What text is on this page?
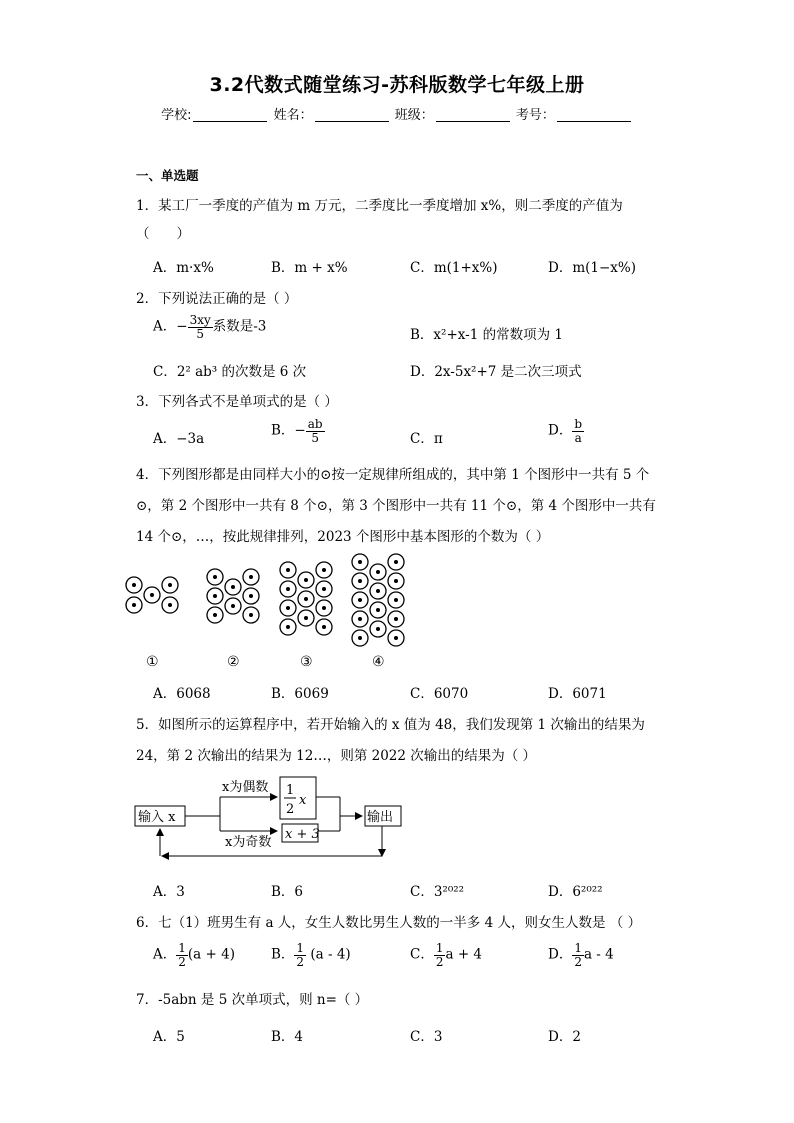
3.2代数式随堂练习-苏科版数学七年级上册
学校:	姓名：	班级：	考号：
一、单选题
1．某工厂一季度的产值为 m 万元，二季度比一季度增加 x%，则二季度的产值为
（　　）
A．m·x%	B．m + x%	C．m(1+x%)	D．m(1−x%)
2．下列说法正确的是（ ）
A．− $\frac{3xy}{5}$ 系数是-3
B．x²+x-1 的常数项为 1
C．2² ab³ 的次数是 6 次	D．2x-5x²+7 是二次三项式
3．下列各式不是单项式的是（ ）
A．−3a
B．− $\frac{ab}{5}$	C．π
D． $\frac{b}{a}$
4．下列图形都是由同样大小的⊙按一定规律所组成的，其中第 1 个图形中一共有 5 个
⊙，第 2 个图形中一共有 8 个⊙，第 3 个图形中一共有 11 个⊙，第 4 个图形中一共有
14 个⊙，…，按此规律排列，2023 个图形中基本图形的个数为（ ）
①	②	③	④
A．6068	B．6069	C．6070	D．6071
5．如图所示的运算程序中，若开始输入的 x 值为 48，我们发现第 1 次输出的结果为
24，第 2 次输出的结果为 12…，则第 2022 次输出的结果为（ ）
输入 x
x为偶数
x为奇数
1
2
x
x + 3
输出
A．3	B．6	C．3²⁰²²	D．6²⁰²²
6．七（1）班男生有 a 人，女生人数比男生人数的一半多 4 人，则女生人数是 （ ）
A． $\frac{1}{2} (a + 4)$	B． $\frac{1}{2} (a - 4)$	C． $\frac{1}{2}$ a + 4	D． $\frac{1}{2}$ a - 4
7．-5abn 是 5 次单项式，则 n=（ ）
A．5	B．4	C．3	D．2
